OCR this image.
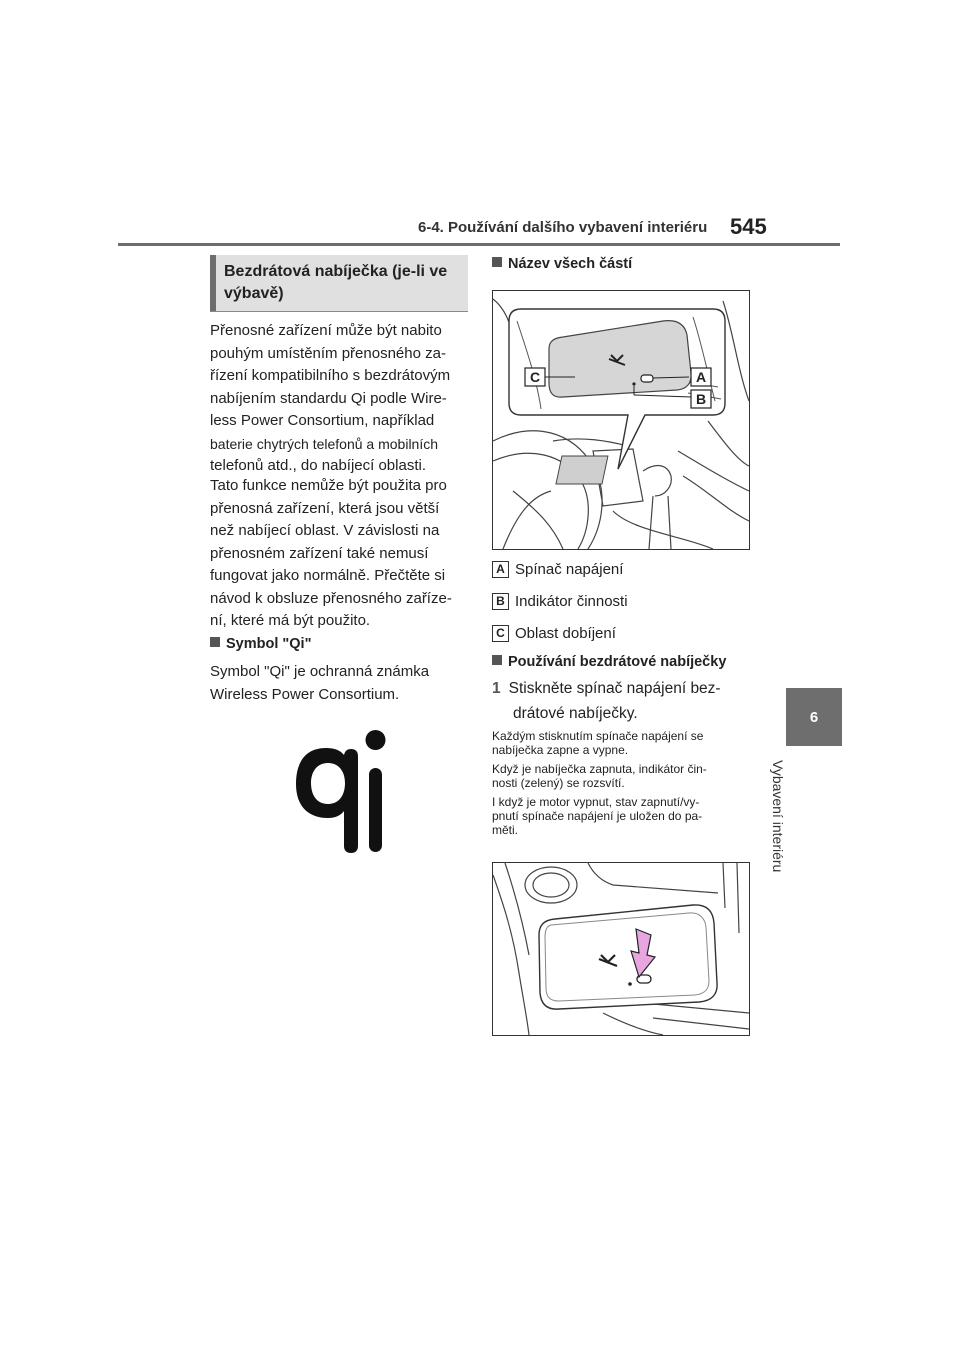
6-4. Používání dalšího vybavení interiéru 545
6
Vybavení interiéru
Bezdrátová nabíječka (je-li ve výbavě)
Přenosné zařízení může být nabito
pouhým umístěním přenosného za-
řízení kompatibilního s bezdrátovým
nabíjením standardu Qi podle Wire-
less Power Consortium, například
baterie chytrých telefonů a mobilních
telefonů atd., do nabíjecí oblasti.
Tato funkce nemůže být použita pro
přenosná zařízení, která jsou větší
než nabíjecí oblast. V závislosti na
přenosném zařízení také nemusí
fungovat jako normálně. Přečtěte si
návod k obsluze přenosného zaříze-
ní, které má být použito.
Symbol "Qi"
Symbol "Qi" je ochranná známka
Wireless Power Consortium.
Název všech částí
C	A
B
A Spínač napájení
B Indikátor činnosti
C Oblast dobíjení
Používání bezdrátové nabíječky
1 Stiskněte spínač napájení bez-
drátové nabíječky.
Každým stisknutím spínače napájení se
nabíječka zapne a vypne.
Když je nabíječka zapnuta, indikátor čin-
nosti (zelený) se rozsvítí.
I když je motor vypnut, stav zapnutí/vy-
pnutí spínače napájení je uložen do pa-
měti.
